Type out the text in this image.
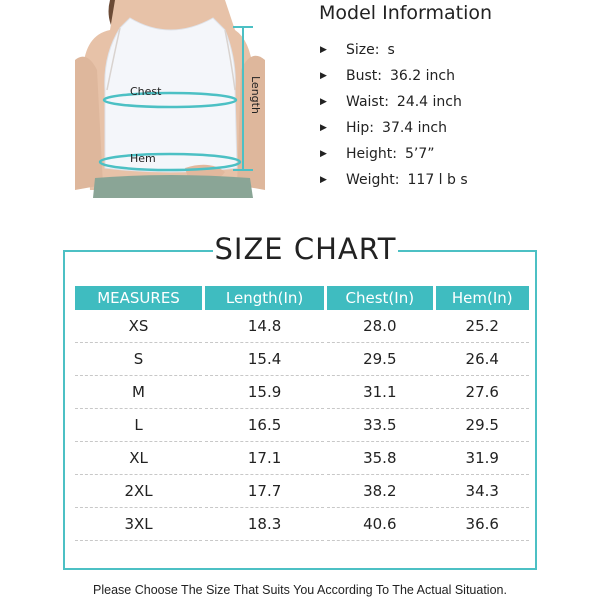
Chest
Hem
Length
Model Information
▶	Size: s
▶	Bust: 36.2 inch
▶	Waist: 24.4 inch
▶	Hip: 37.4 inch
▶	Height: 5’7”
▶	Weight: 117 l b s
SIZE CHART
MEASURES	Length(In)	Chest(In)	Hem(In)
XS	14.8	28.0	25.2
S	15.4	29.5	26.4
M	15.9	31.1	27.6
L	16.5	33.5	29.5
XL	17.1	35.8	31.9
2XL	17.7	38.2	34.3
3XL	18.3	40.6	36.6
Please Choose The Size That Suits You According To The Actual Situation.
